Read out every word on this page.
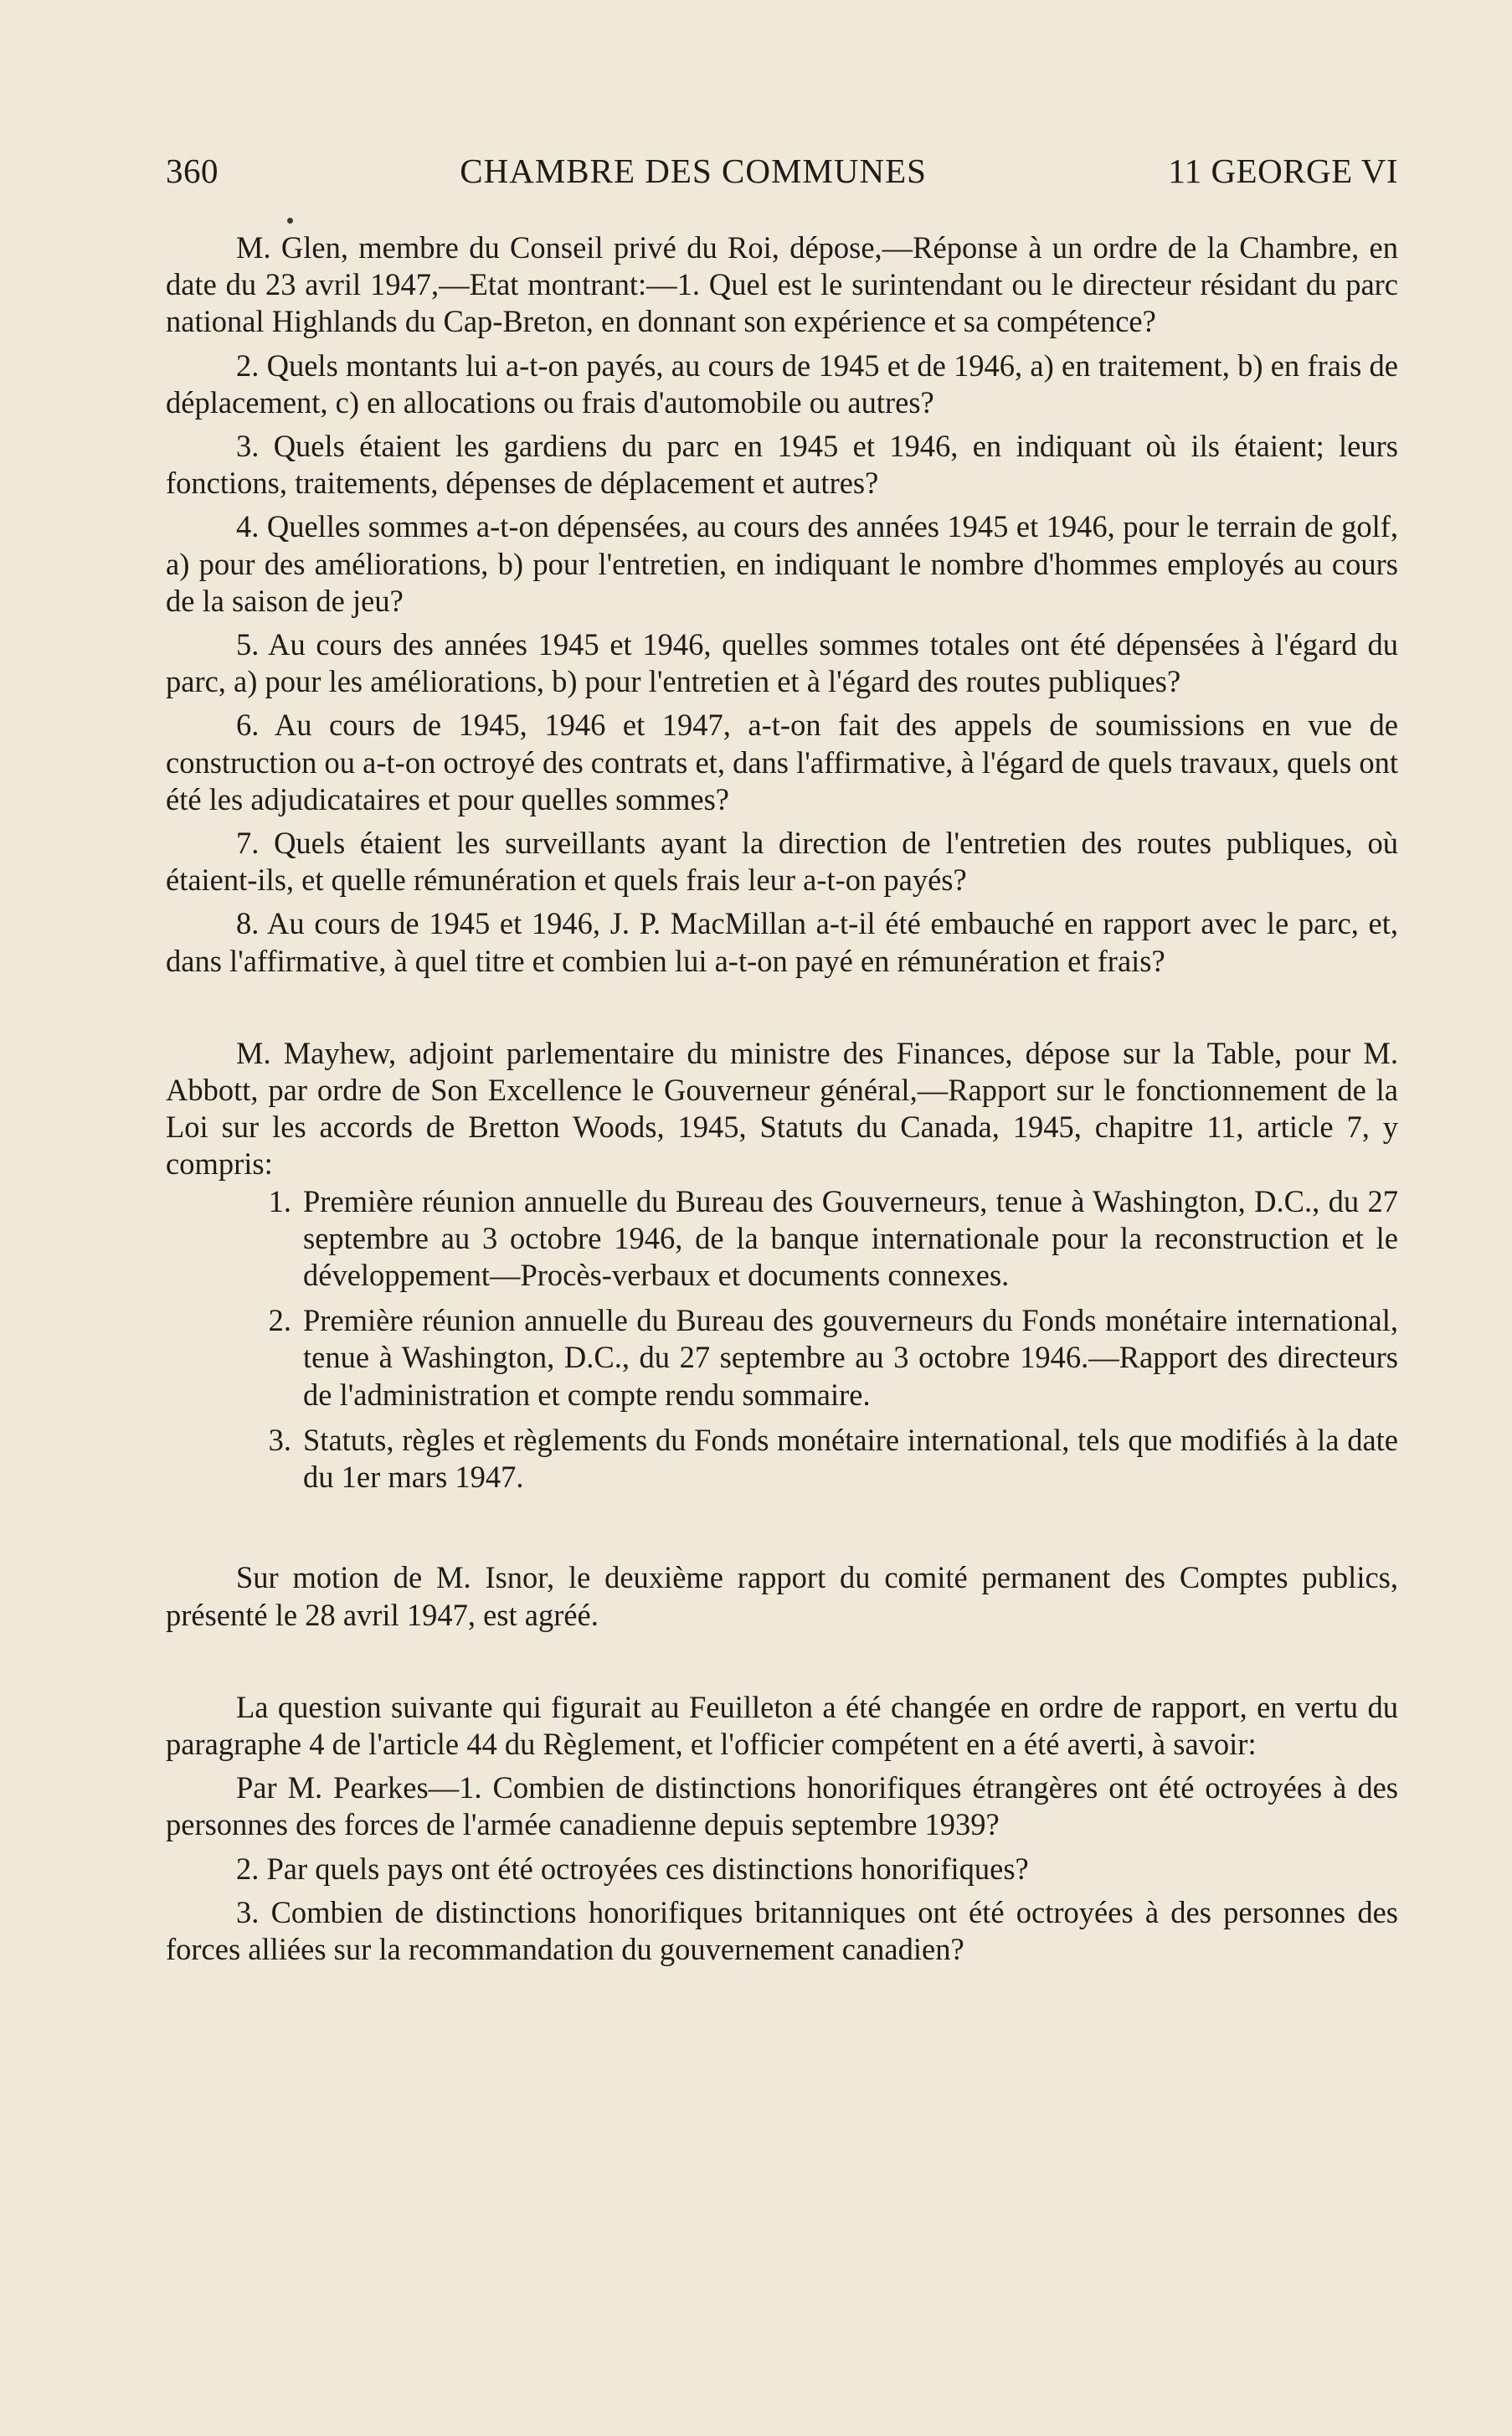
360	CHAMBRE DES COMMUNES	11 GEORGE VI

M. Glen, membre du Conseil privé du Roi, dépose,—Réponse à un ordre de la Chambre, en date du 23 avril 1947,—Etat montrant:—1. Quel est le surintendant ou le directeur résidant du parc national Highlands du Cap-Breton, en donnant son expérience et sa compétence?

2. Quels montants lui a-t-on payés, au cours de 1945 et de 1946, a) en traitement, b) en frais de déplacement, c) en allocations ou frais d'automobile ou autres?

3. Quels étaient les gardiens du parc en 1945 et 1946, en indiquant où ils étaient; leurs fonctions, traitements, dépenses de déplacement et autres?

4. Quelles sommes a-t-on dépensées, au cours des années 1945 et 1946, pour le terrain de golf, a) pour des améliorations, b) pour l'entretien, en indiquant le nombre d'hommes employés au cours de la saison de jeu?

5. Au cours des années 1945 et 1946, quelles sommes totales ont été dépensées à l'égard du parc, a) pour les améliorations, b) pour l'entretien et à l'égard des routes publiques?

6. Au cours de 1945, 1946 et 1947, a-t-on fait des appels de soumissions en vue de construction ou a-t-on octroyé des contrats et, dans l'affirmative, à l'égard de quels travaux, quels ont été les adjudicataires et pour quelles sommes?

7. Quels étaient les surveillants ayant la direction de l'entretien des routes publiques, où étaient-ils, et quelle rémunération et quels frais leur a-t-on payés?

8. Au cours de 1945 et 1946, J. P. MacMillan a-t-il été embauché en rapport avec le parc, et, dans l'affirmative, à quel titre et combien lui a-t-on payé en rémunération et frais?

M. Mayhew, adjoint parlementaire du ministre des Finances, dépose sur la Table, pour M. Abbott, par ordre de Son Excellence le Gouverneur général,—Rapport sur le fonctionnement de la Loi sur les accords de Bretton Woods, 1945, Statuts du Canada, 1945, chapitre 11, article 7, y compris:

1. Première réunion annuelle du Bureau des Gouverneurs, tenue à Washington, D.C., du 27 septembre au 3 octobre 1946, de la banque internationale pour la reconstruction et le développement—Procès-verbaux et documents connexes.
2. Première réunion annuelle du Bureau des gouverneurs du Fonds monétaire international, tenue à Washington, D.C., du 27 septembre au 3 octobre 1946.—Rapport des directeurs de l'administration et compte rendu sommaire.
3. Statuts, règles et règlements du Fonds monétaire international, tels que modifiés à la date du 1er mars 1947.

Sur motion de M. Isnor, le deuxième rapport du comité permanent des Comptes publics, présenté le 28 avril 1947, est agréé.

La question suivante qui figurait au Feuilleton a été changée en ordre de rapport, en vertu du paragraphe 4 de l'article 44 du Règlement, et l'officier compétent en a été averti, à savoir:

Par M. Pearkes—1. Combien de distinctions honorifiques étrangères ont été octroyées à des personnes des forces de l'armée canadienne depuis septembre 1939?

2. Par quels pays ont été octroyées ces distinctions honorifiques?

3. Combien de distinctions honorifiques britanniques ont été octroyées à des personnes des forces alliées sur la recommandation du gouvernement canadien?
